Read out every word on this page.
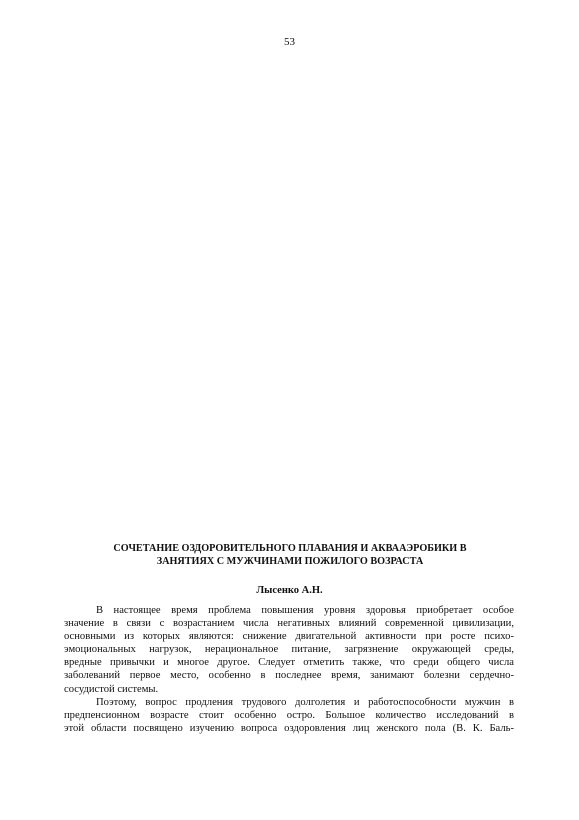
53
СОЧЕТАНИЕ ОЗДОРОВИТЕЛЬНОГО ПЛАВАНИЯ И АКВААЭРОБИКИ В
ЗАНЯТИЯХ С МУЖЧИНАМИ ПОЖИЛОГО ВОЗРАСТА
Лысенко А.Н.
В настоящее время проблема повышения уровня здоровья приобретает особое
значение в связи с возрастанием числа негативных влияний современной цивилизации,
основными из которых являются: снижение двигательной активности при росте психо-
эмоциональных нагрузок, нерациональное питание, загрязнение окружающей среды,
вредные привычки и многое другое. Следует отметить также, что среди общего числа
заболеваний первое место, особенно в последнее время, занимают болезни сердечно-
сосудистой системы.
Поэтому, вопрос продления трудового долголетия и работоспособности мужчин в
предпенсионном возрасте стоит особенно остро. Большое количество исследований в
этой области посвящено изучению вопроса оздоровления лиц женского пола (В. К. Баль-
